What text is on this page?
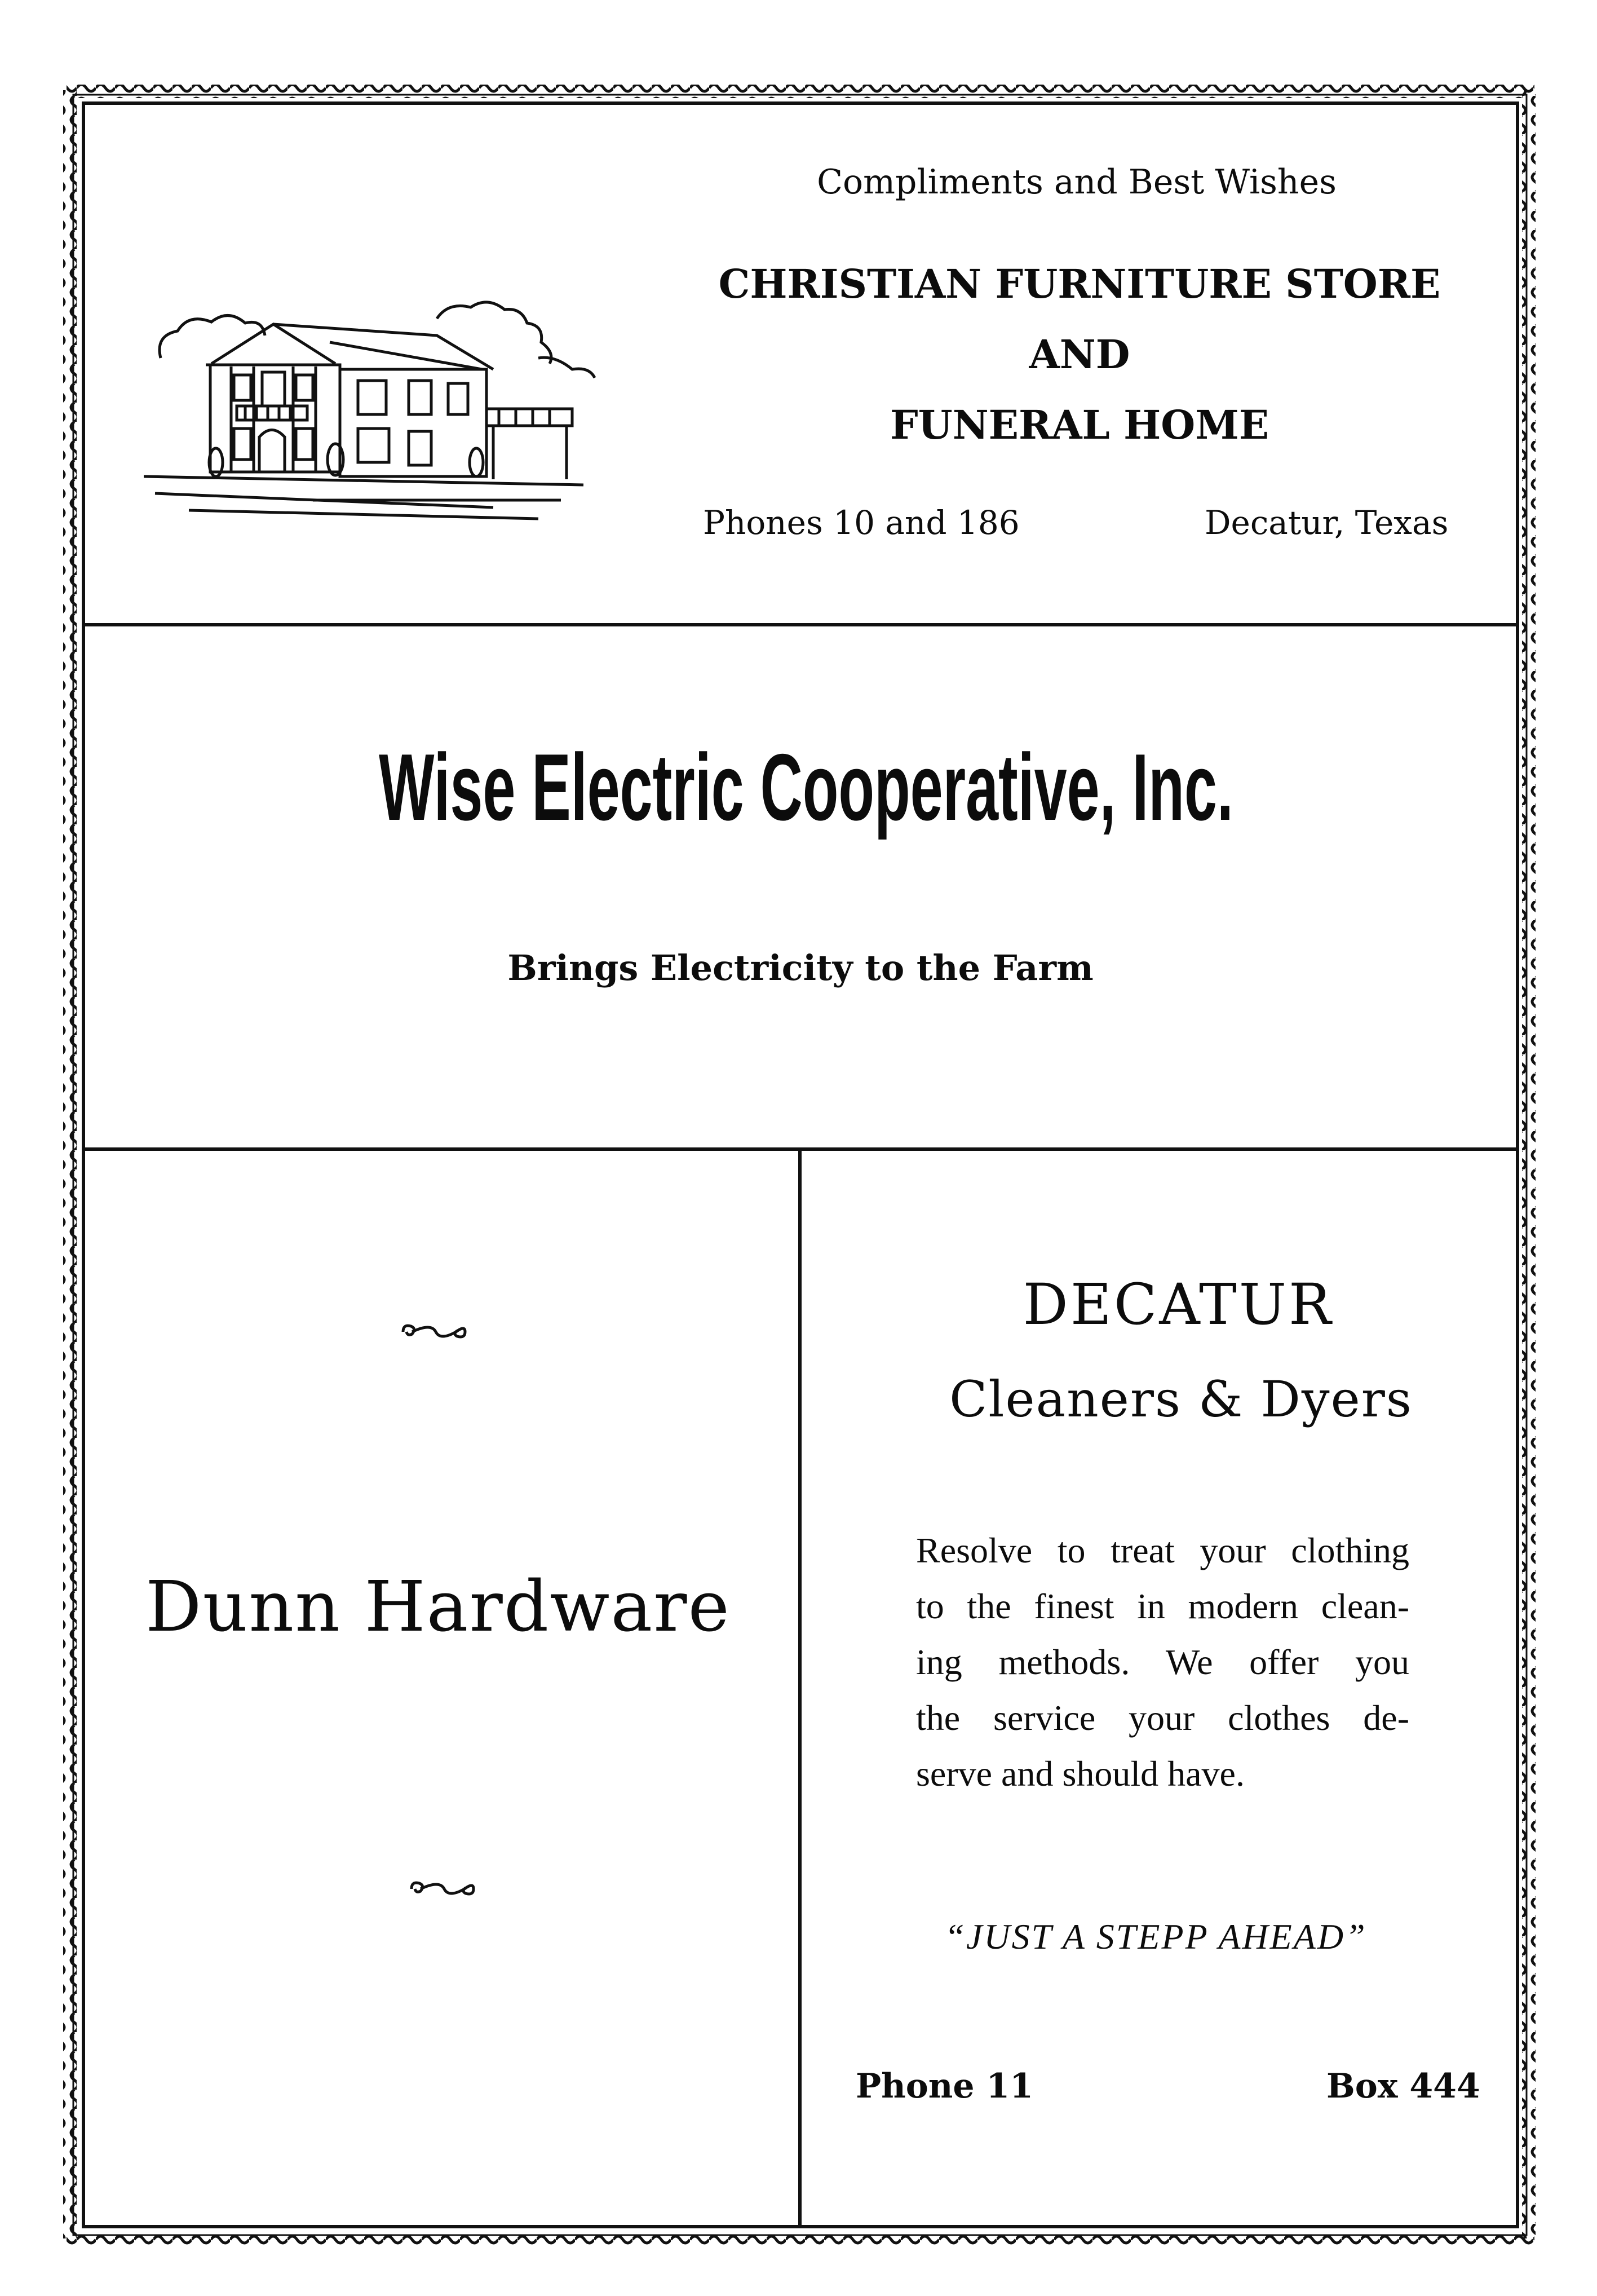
Compliments and Best Wishes
CHRISTIAN FURNITURE STORE
AND
FUNERAL HOME
Phones 10 and 186	Decatur, Texas
Wise Electric Cooperative, Inc.
Brings Electricity to the Farm
Dunn Hardware
DECATUR
Cleaners & Dyers
Resolve to treat your clothing
to the finest in modern clean-
ing methods. We offer you
the service your clothes de-
serve and should have.
“JUST A STEPP AHEAD”
Phone 11	Box 444
